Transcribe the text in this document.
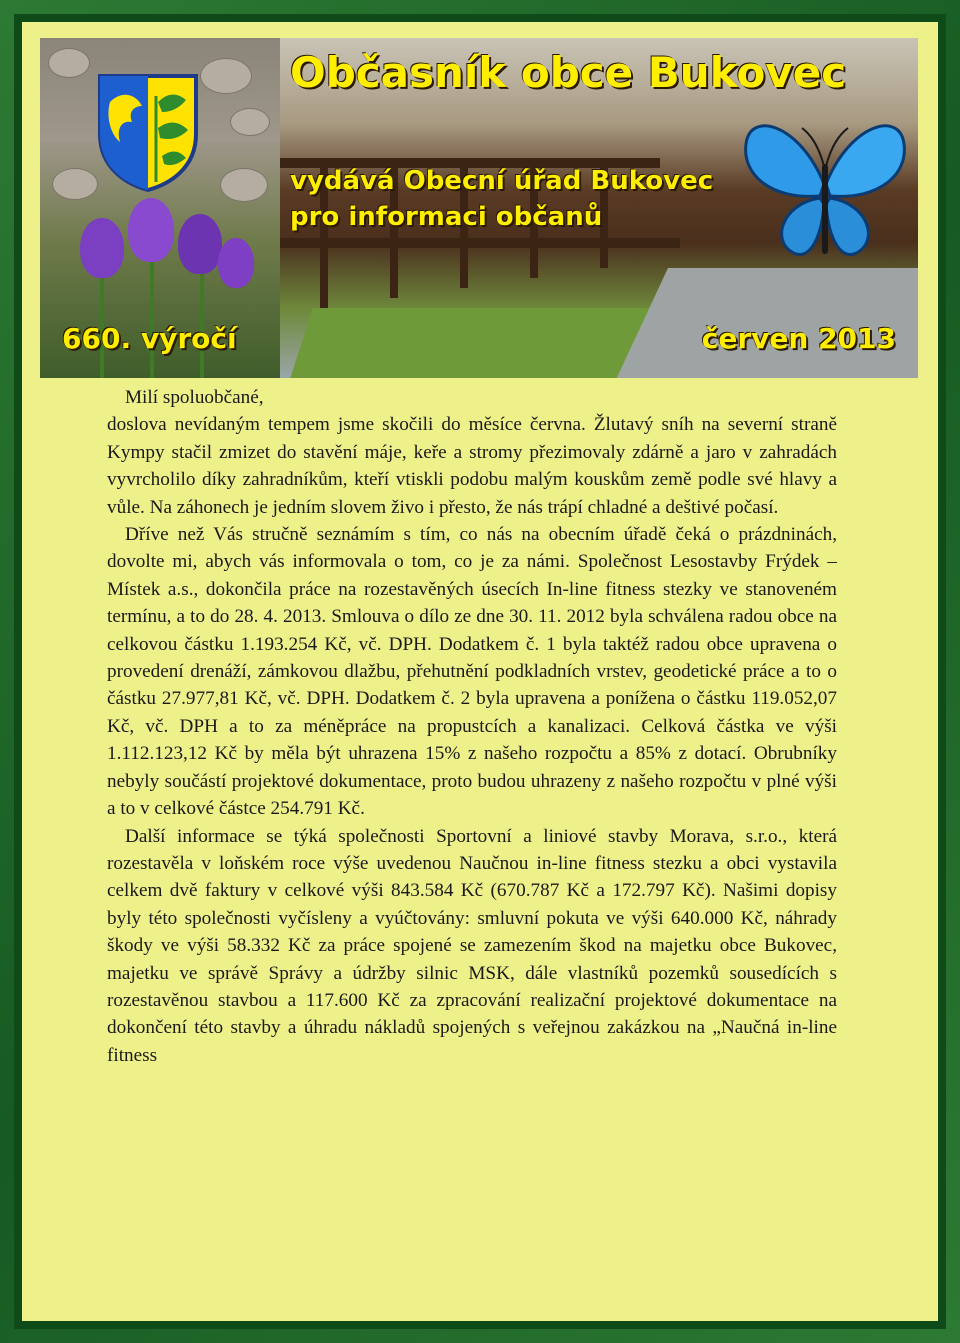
660. výročí
Občasník obce Bukovec
vydává Obecní úřad Bukovec
pro informaci občanů
červen 2013

Milí spoluobčané,

doslova nevídaným tempem jsme skočili do měsíce června. Žlutavý sníh na severní straně Kympy stačil zmizet do stavění máje, keře a stromy přezimovaly zdárně a jaro v zahradách vyvrcholilo díky zahradníkům, kteří vtiskli podobu malým kouskům země podle své hlavy a vůle. Na záhonech je jedním slovem živo i přesto, že nás trápí chladné a deštivé počasí.

Dříve než Vás stručně seznámím s tím, co nás na obecním úřadě čeká o prázdninách, dovolte mi, abych vás informovala o tom, co je za námi. Společnost Lesostavby Frýdek – Místek a.s., dokončila práce na rozestavěných úsecích In-line fitness stezky ve stanoveném termínu, a to do 28. 4. 2013. Smlouva o dílo ze dne 30. 11. 2012 byla schválena radou obce na celkovou částku 1.193.254 Kč, vč. DPH. Dodatkem č. 1 byla taktéž radou obce upravena o provedení drenáží, zámkovou dlažbu, přehutnění podkladních vrstev, geodetické práce a to o částku 27.977,81 Kč, vč. DPH. Dodatkem č. 2 byla upravena a ponížena o částku 119.052,07 Kč, vč. DPH a to za méněpráce na propustcích a kanalizaci. Celková částka ve výši 1.112.123,12 Kč by měla být uhrazena 15% z našeho rozpočtu a 85% z dotací. Obrubníky nebyly součástí projektové dokumentace, proto budou uhrazeny z našeho rozpočtu v plné výši a to v celkové částce 254.791 Kč.

Další informace se týká společnosti Sportovní a liniové stavby Morava, s.r.o., která rozestavěla v loňském roce výše uvedenou Naučnou in-line fitness stezku a obci vystavila celkem dvě faktury v celkové výši 843.584 Kč (670.787 Kč a 172.797 Kč). Našimi dopisy byly této společnosti vyčísleny a vyúčtovány: smluvní pokuta ve výši 640.000 Kč, náhrady škody ve výši 58.332 Kč za práce spojené se zamezením škod na majetku obce Bukovec, majetku ve správě Správy a údržby silnic MSK, dále vlastníků pozemků sousedících s rozestavěnou stavbou a 117.600 Kč za zpracování realizační projektové dokumentace na dokončení této stavby a úhradu nákladů spojených s veřejnou zakázkou na „Naučná in-line fitness
